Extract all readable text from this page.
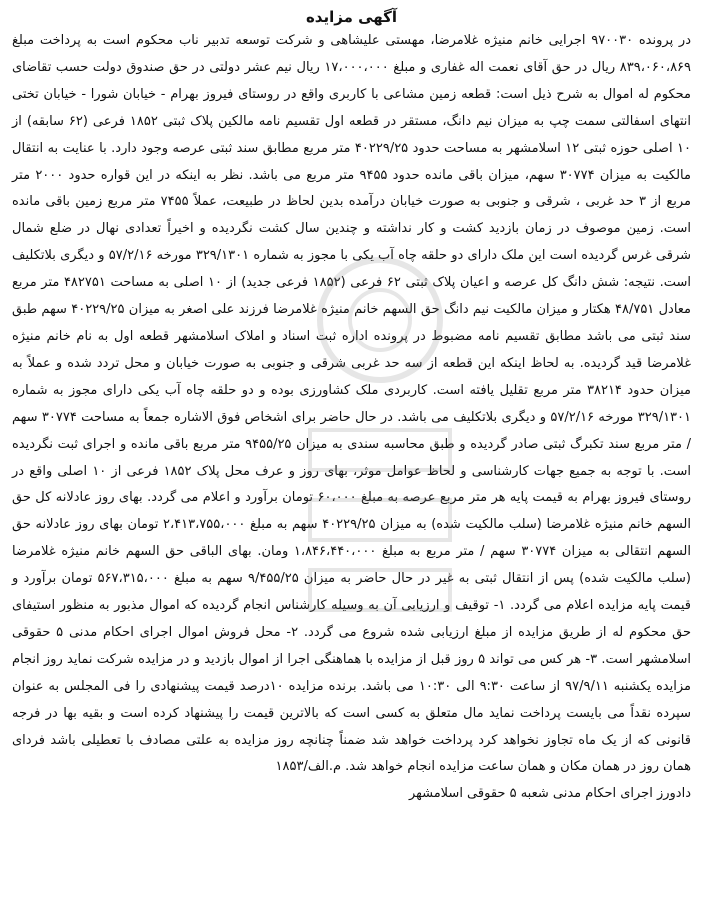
آگهی مزایده

در پرونده ۹۷۰۰۳۰ اجرایی خانم منیژه غلامرضا، مهستی علیشاهی و شرکت توسعه تدبیر ناب محکوم است به پرداخت مبلغ ۸۳۹،۰۶۰،۸۶۹ ریال در حق آقای نعمت اله غفاری و مبلغ ۱۷،۰۰۰،۰۰۰ ریال نیم عشر دولتی در حق صندوق دولت حسب تقاضای محکوم له اموال به شرح ذیل است: قطعه زمین مشاعی با کاربری واقع در روستای فیروز بهرام - خیابان شورا - خیابان تختی انتهای اسفالتی سمت چپ به میزان نیم دانگ، مستقر در قطعه اول تقسیم نامه مالکین پلاک ثبتی ۱۸۵۲ فرعی (۶۲ سابقه) از ۱۰ اصلی حوزه ثبتی ۱۲ اسلامشهر به مساحت حدود ۴۰۲۲۹/۲۵ متر مربع مطابق سند ثبتی عرصه وجود دارد. با عنایت به انتقال مالکیت به میزان ۳۰۷۷۴ سهم، میزان باقی مانده حدود ۹۴۵۵ متر مربع می باشد. نظر به اینکه در این قواره حدود ۲۰۰۰ متر مربع از ۳ حد غربی ، شرقی و جنوبی به صورت خیابان درآمده بدین لحاظ در طبیعت، عملاً ۷۴۵۵ متر مربع زمین باقی مانده است. زمین موصوف در زمان بازدید کشت و کار نداشته و چندین سال کشت نگردیده و اخیراً تعدادی نهال در ضلع شمال شرقی غرس گردیده است این ملک دارای دو حلقه چاه آب یکی با مجوز به شماره ۳۲۹/۱۳۰۱ مورخه ۵۷/۲/۱۶ و دیگری بلاتکلیف است. نتیجه: شش دانگ کل عرصه و اعیان پلاک ثبتی ۶۲ فرعی (۱۸۵۲ فرعی جدید) از ۱۰ اصلی به مساحت ۴۸۲۷۵۱ متر مربع معادل ۴۸/۷۵۱ هکتار و میزان مالکیت نیم دانگ حق السهم خانم منیژه غلامرضا فرزند علی اصغر به میزان ۴۰۲۲۹/۲۵ سهم طبق سند ثبتی می باشد مطابق تقسیم نامه مضبوط در پرونده اداره ثبت اسناد و املاک اسلامشهر قطعه اول به نام خانم منیژه غلامرضا قید گردیده. به لحاظ اینکه این قطعه از سه حد غربی شرقی و جنوبی به صورت خیابان و محل تردد شده و عملاً به میزان حدود ۳۸۲۱۴ متر مربع تقلیل یافته است. کاربردی ملک کشاورزی بوده و دو حلقه چاه آب یکی دارای مجوز به شماره ۳۲۹/۱۳۰۱ مورخه ۵۷/۲/۱۶ و دیگری بلاتکلیف می باشد. در حال حاضر برای اشخاص فوق الاشاره جمعاً به مساحت ۳۰۷۷۴ سهم / متر مربع سند تکبرگ ثبتی صادر گردیده و طبق محاسبه سندی به میزان ۹۴۵۵/۲۵ متر مربع باقی مانده و اجرای ثبت نگردیده است. با توجه به جمیع جهات کارشناسی و لحاظ عوامل موثر، بهای روز و عرف محل پلاک ۱۸۵۲ فرعی از ۱۰ اصلی واقع در روستای فیروز بهرام به قیمت پایه هر متر مربع عرصه به مبلغ ۶۰،۰۰۰ تومان برآورد و اعلام می گردد. بهای روز عادلانه کل حق السهم خانم منیژه غلامرضا (سلب مالکیت شده) به میزان ۴۰۲۲۹/۲۵ سهم به مبلغ ۲،۴۱۳،۷۵۵،۰۰۰ تومان بهای روز عادلانه حق السهم انتقالی به میزان ۳۰۷۷۴ سهم / متر مربع به مبلغ ۱،۸۴۶،۴۴۰،۰۰۰ ومان. بهای الباقی حق السهم خانم منیژه غلامرضا (سلب مالکیت شده) پس از انتقال ثبتی به غیر در حال حاضر به میزان ۹/۴۵۵/۲۵ سهم به مبلغ ۵۶۷،۳۱۵،۰۰۰ تومان برآورد و قیمت پایه مزایده اعلام می گردد. ۱- توقیف و ارزیابی آن به وسیله کارشناس انجام گردیده که اموال مذبور به منظور استیفای حق محکوم له از طریق مزایده از مبلغ ارزیابی شده شروع می گردد. ۲- محل فروش اموال اجرای احکام مدنی ۵ حقوقی اسلامشهر است. ۳- هر کس می تواند ۵ روز قبل از مزایده با هماهنگی اجرا از اموال بازدید و در مزایده شرکت نماید روز انجام مزایده یکشنبه ۹۷/۹/۱۱ از ساعت ۹:۳۰ الی ۱۰:۳۰ می باشد. برنده مزایده ۱۰درصد قیمت پیشنهادی را فی المجلس به عنوان سپرده نقداً می بایست پرداخت نماید مال متعلق به کسی است که بالاترین قیمت را پیشنهاد کرده است و بقیه بها در فرجه قانونی که از یک ماه تجاوز نخواهد کرد پرداخت خواهد شد ضمناً چنانچه روز مزایده به علتی مصادف با تعطیلی باشد فردای همان روز در همان مکان و همان ساعت مزایده انجام خواهد شد. م.الف/۱۸۵۳

دادورز اجرای احکام مدنی شعبه ۵ حقوقی اسلامشهر
